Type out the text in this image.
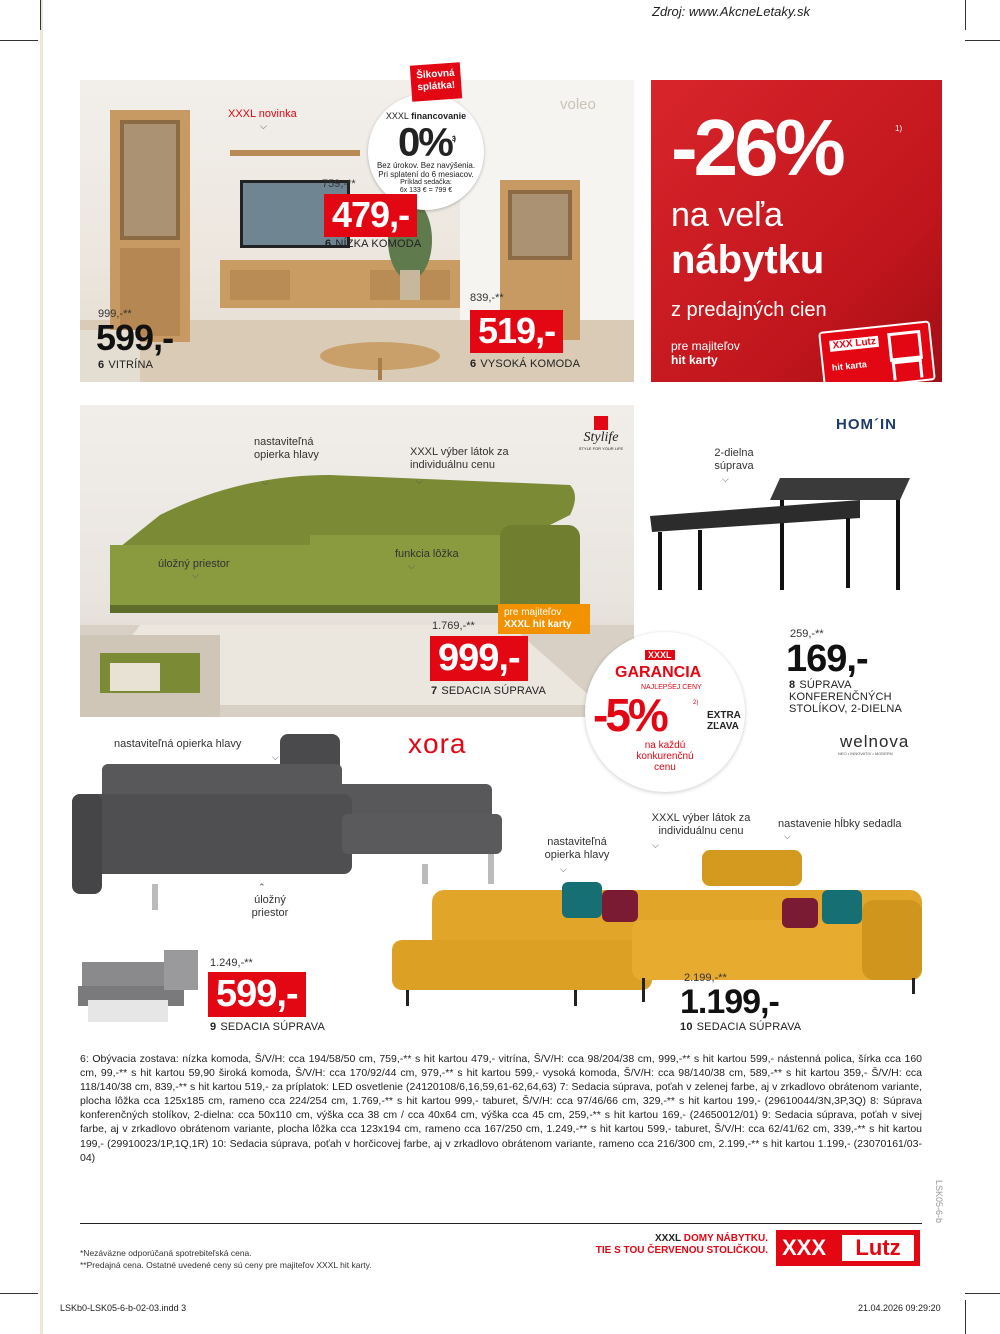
Zdroj: www.AkcneLetaky.sk
LSK05-6-b
voleo
XXXL novinka
⌵
XXXL financovanie
0%$^{3)}$
Bez úrokov. Bez navýšenia.
Pri splatení do 6 mesiacov.
Príklad sedačka:
6x 133 € = 799 €
Šikovná splátka!
759,-**
479,-
6 NÍZKA KOMODA
999,-**
599,-
6 VITRÍNA
839,-**
519,-
6 VYSOKÁ KOMODA
-26%	1)
na veľa
nábytku
z predajných cien
pre majiteľov
hit karty
XXX Lutz
hit karta
Stylife
STYLE FOR YOUR LIFE
nastaviteľná opierka hlavy
⌵
XXXL výber látok za individuálnu cenu
⌵
úložný priestor
⌵
funkcia lôžka
⌵
pre majiteľov
XXXL hit karty
1.769,-**
999,-
7 SEDACIA SÚPRAVA
HOM´IN
2-dielna súprava
⌵
259,-**
169,-
8 SÚPRAVA
KONFERENČNÝCH
STOLÍKOV, 2-DIELNA
XXXL
GARANCIA
NAJLEPŠEJ CENY
-5%	2)
EXTRA
ZĽAVA
na každú
konkurenčnú
cenu
welnova
NEO • INNOVATIV • MODERN
xora
nastaviteľná opierka hlavy
⌵
⌃
úložný priestor
1.249,-**
599,-
9 SEDACIA SÚPRAVA
nastaviteľná opierka hlavy
⌵
XXXL výber látok za individuálnu cenu
⌵
nastavenie hĺbky sedadla
⌵
2.199,-**
1.199,-
10 SEDACIA SÚPRAVA
6: Obývacia zostava: nízka komoda, Š/V/H: cca 194/58/50 cm, 759,-** s hit kartou 479,- vitrína, Š/V/H: cca 98/204/38 cm, 999,-** s hit kartou 599,- nástenná polica, šírka cca 160 cm, 99,-** s hit kartou 59,90 široká komoda, Š/V/H: cca 170/92/44 cm, 979,-** s hit kartou 599,- vysoká komoda, Š/V/H: cca 98/140/38 cm, 589,-** s hit kartou 359,- Š/V/H: cca 118/140/38 cm, 839,-** s hit kartou 519,- za príplatok: LED osvetlenie (24120108/6,16,59,61-62,64,63) 7: Sedacia súprava, poťah v zelenej farbe, aj v zrkadlovo obrátenom variante, plocha lôžka cca 125x185 cm, rameno cca 224/254 cm, 1.769,-** s hit kartou 999,- taburet, Š/V/H: cca 97/46/66 cm, 329,-** s hit kartou 199,- (29610044/3N,3P,3Q) 8: Súprava konferenčných stolíkov, 2-dielna: cca 50x110 cm, výška cca 38 cm / cca 40x64 cm, výška cca 45 cm, 259,-** s hit kartou 169,- (24650012/01) 9: Sedacia súprava, poťah v sivej farbe, aj v zrkadlovo obrátenom variante, plocha lôžka cca 123x194 cm, rameno cca 167/250 cm, 1.249,-** s hit kartou 599,- taburet, Š/V/H: cca 62/41/62 cm, 339,-** s hit kartou 199,- (29910023/1P,1Q,1R) 10: Sedacia súprava, poťah v horčicovej farbe, aj v zrkadlovo obrátenom variante, rameno cca 216/300 cm, 2.199,-** s hit kartou 1.199,- (23070161/03-04)
*Nezáväzne odporúčaná spotrebiteľská cena.
**Predajná cena. Ostatné uvedené ceny sú ceny pre majiteľov XXXL hit karty.
XXXL DOMY NÁBYTKU.
TIE S TOU ČERVENOU STOLIČKOU. XXX	Lutz
LSKb0-LSK05-6-b-02-03.indd 3	21.04.2026 09:29:20
